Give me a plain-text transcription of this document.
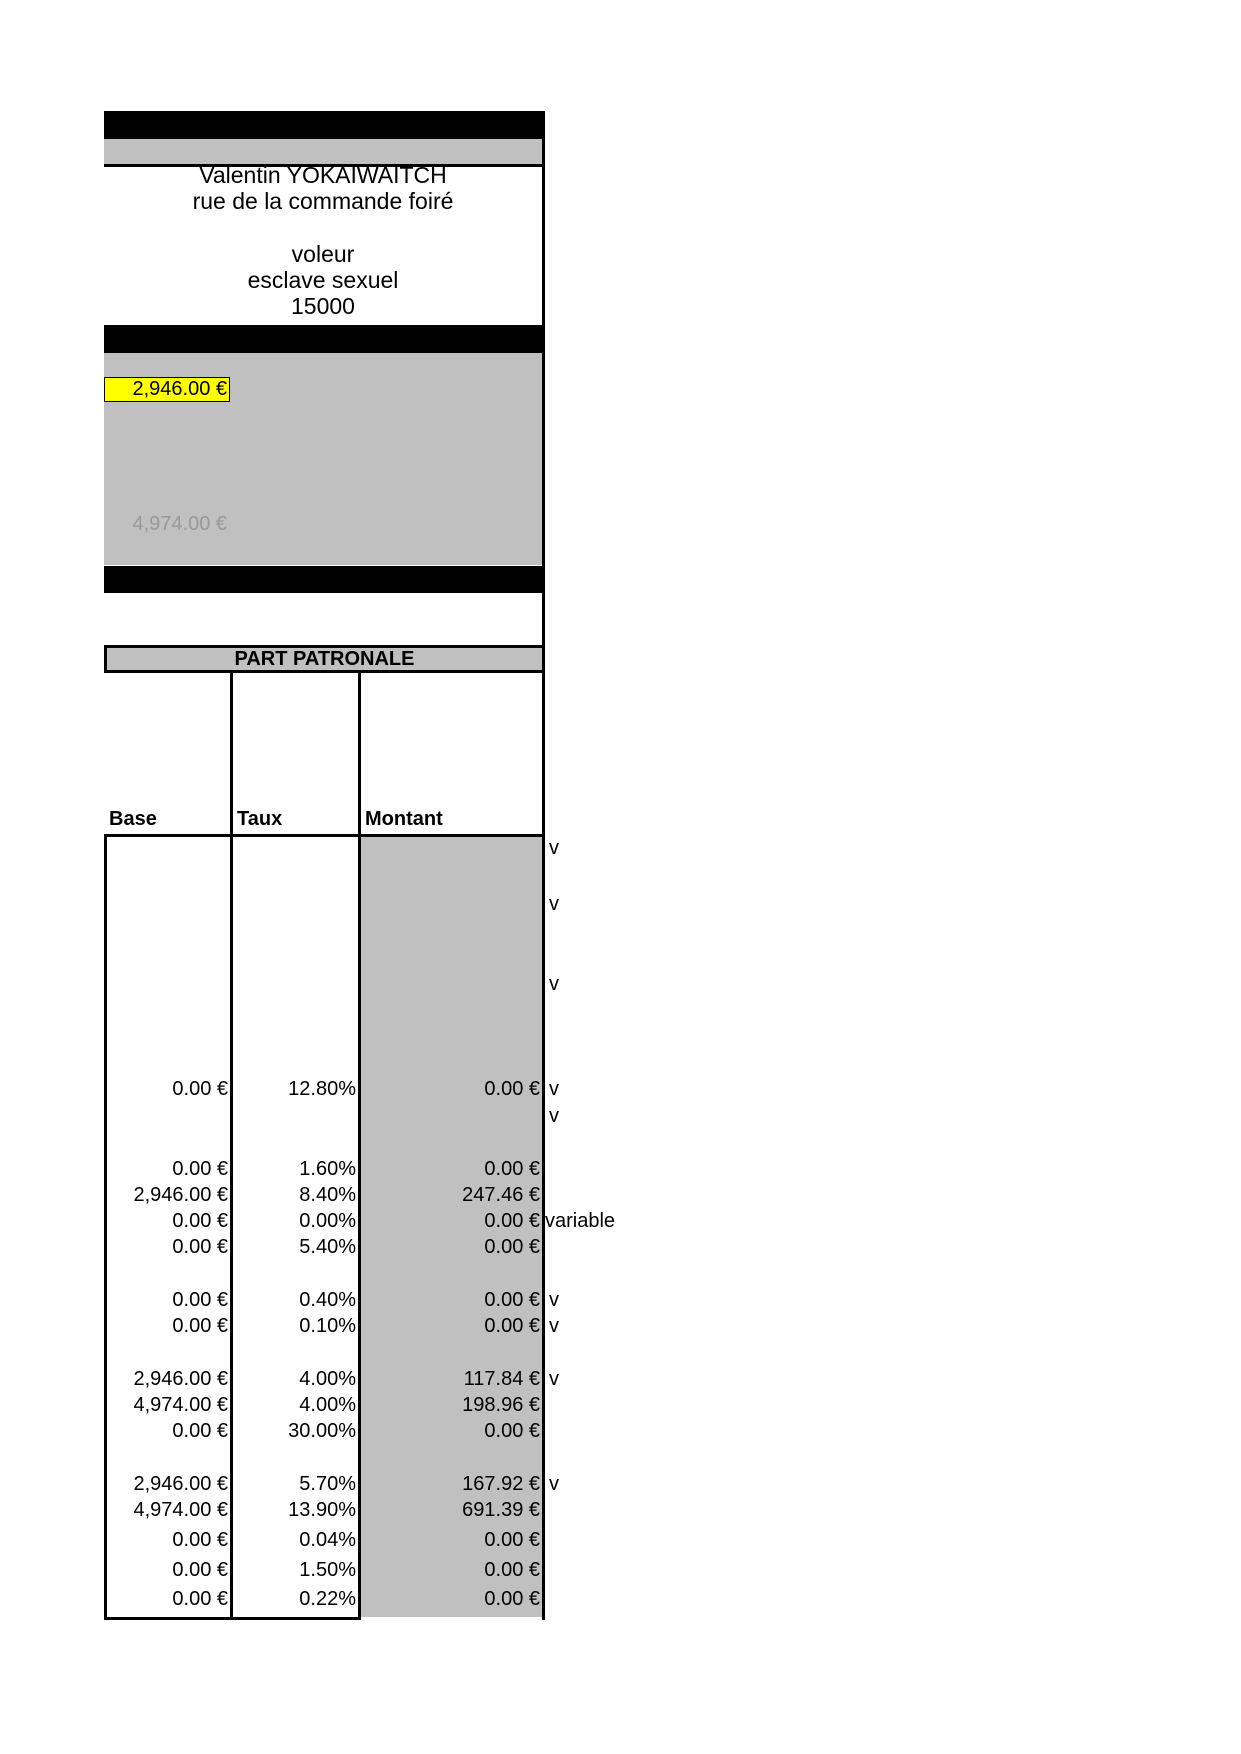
Valentin YOKAIWAITCH
rue de la commande foiré
voleur
esclave sexuel
15000
2,946.00 €
4,974.00 €
PART PATRONALE
Base	Taux	Montant
v
v
v
0.00 €	12.80%	0.00 € v
v
0.00 €	1.60%	0.00 €
2,946.00 €	8.40%	247.46 €
0.00 €	0.00%	0.00 € variable
0.00 €	5.40%	0.00 €
0.00 €	0.40%	0.00 € v
0.00 €	0.10%	0.00 € v
2,946.00 €	4.00%	117.84 € v
4,974.00 €	4.00%	198.96 €
0.00 €	30.00%	0.00 €
2,946.00 €	5.70%	167.92 € v
4,974.00 €	13.90%	691.39 €
0.00 €	0.04%	0.00 €
0.00 €	1.50%	0.00 €
0.00 €	0.22%	0.00 €
